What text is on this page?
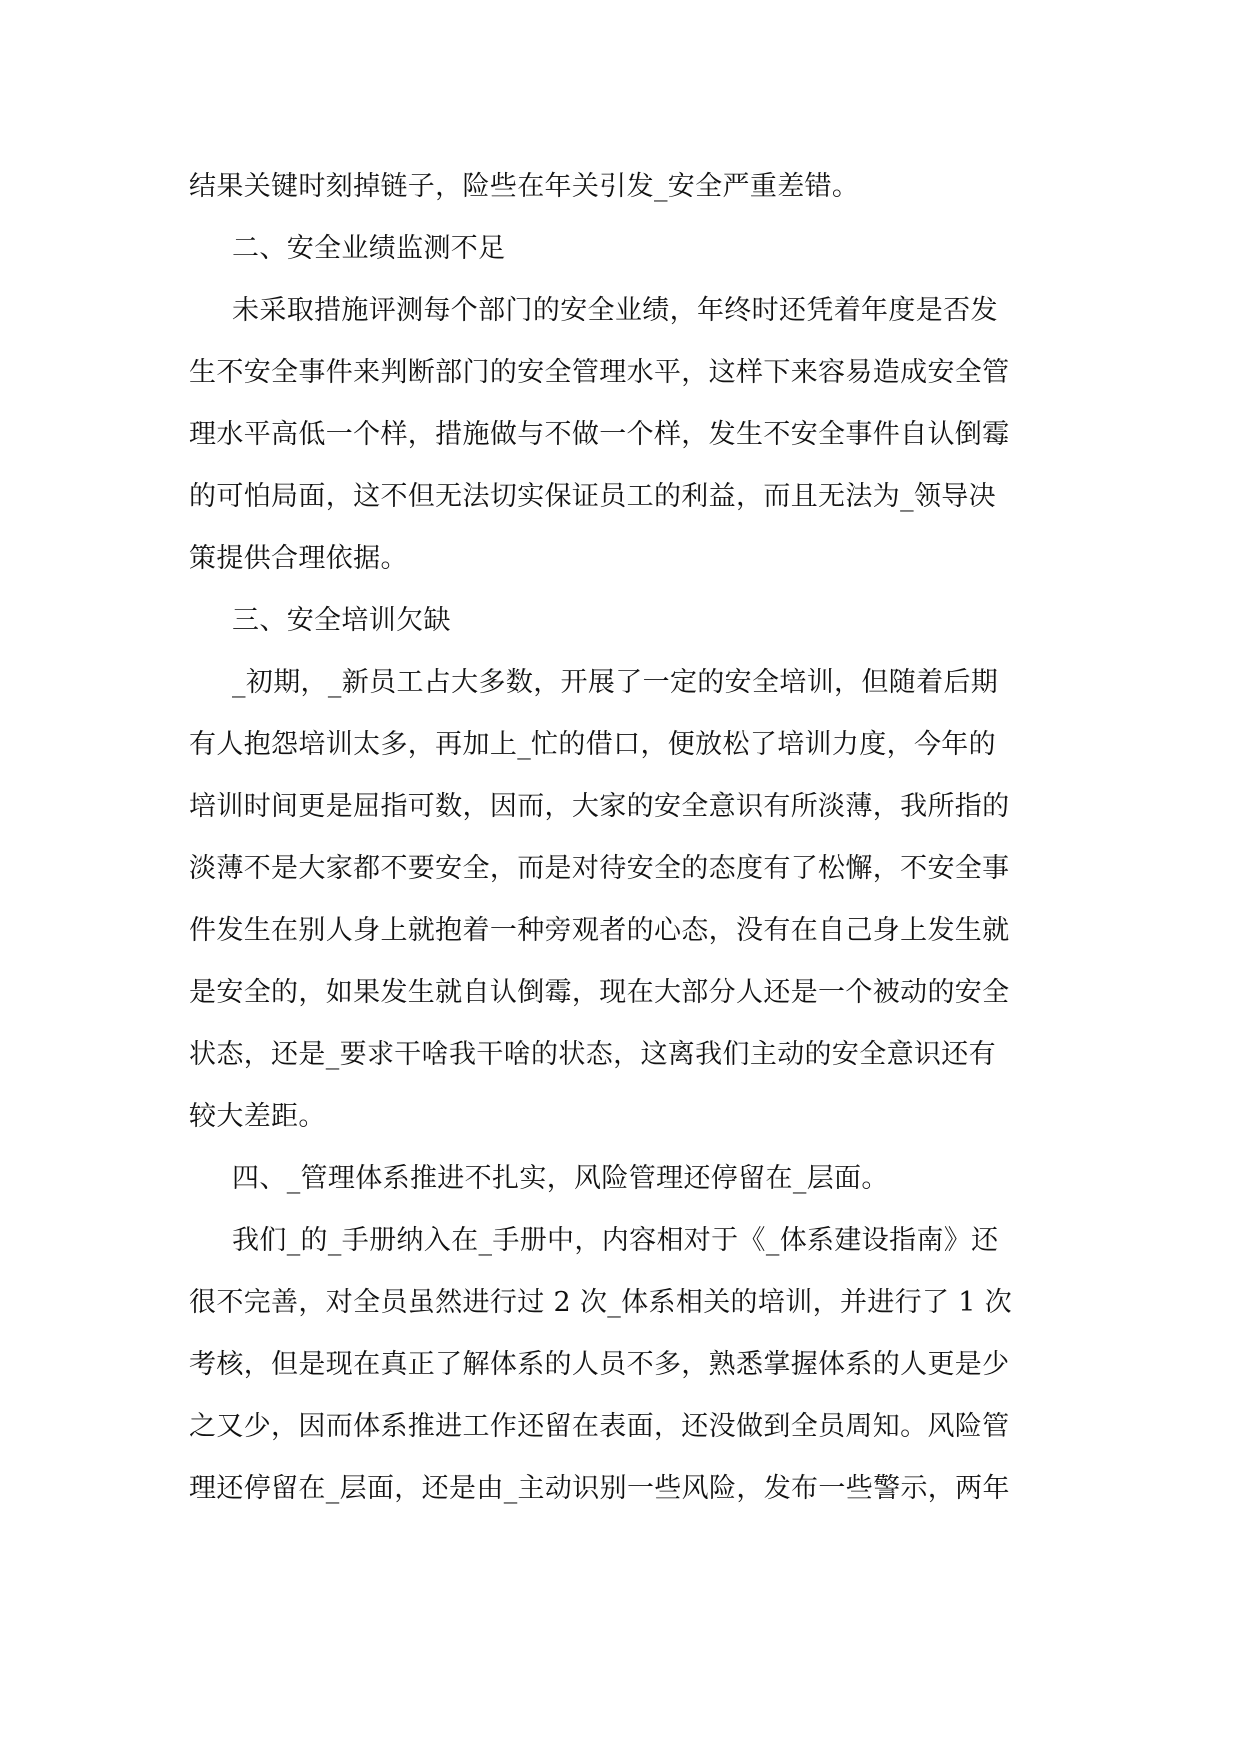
结果关键时刻掉链子，险些在年关引发_安全严重差错。
二、安全业绩监测不足
未采取措施评测每个部门的安全业绩，年终时还凭着年度是否发
生不安全事件来判断部门的安全管理水平，这样下来容易造成安全管
理水平高低一个样，措施做与不做一个样，发生不安全事件自认倒霉
的可怕局面，这不但无法切实保证员工的利益，而且无法为_领导决
策提供合理依据。
三、安全培训欠缺
_初期，_新员工占大多数，开展了一定的安全培训，但随着后期
有人抱怨培训太多，再加上_忙的借口，便放松了培训力度，今年的
培训时间更是屈指可数，因而，大家的安全意识有所淡薄，我所指的
淡薄不是大家都不要安全，而是对待安全的态度有了松懈，不安全事
件发生在别人身上就抱着一种旁观者的心态，没有在自己身上发生就
是安全的，如果发生就自认倒霉，现在大部分人还是一个被动的安全
状态，还是_要求干啥我干啥的状态，这离我们主动的安全意识还有
较大差距。
四、_管理体系推进不扎实，风险管理还停留在_层面。
我们_的_手册纳入在_手册中，内容相对于《_体系建设指南》还
很不完善，对全员虽然进行过 2 次_体系相关的培训，并进行了 1 次
考核，但是现在真正了解体系的人员不多，熟悉掌握体系的人更是少
之又少，因而体系推进工作还留在表面，还没做到全员周知。风险管
理还停留在_层面，还是由_主动识别一些风险，发布一些警示，两年
